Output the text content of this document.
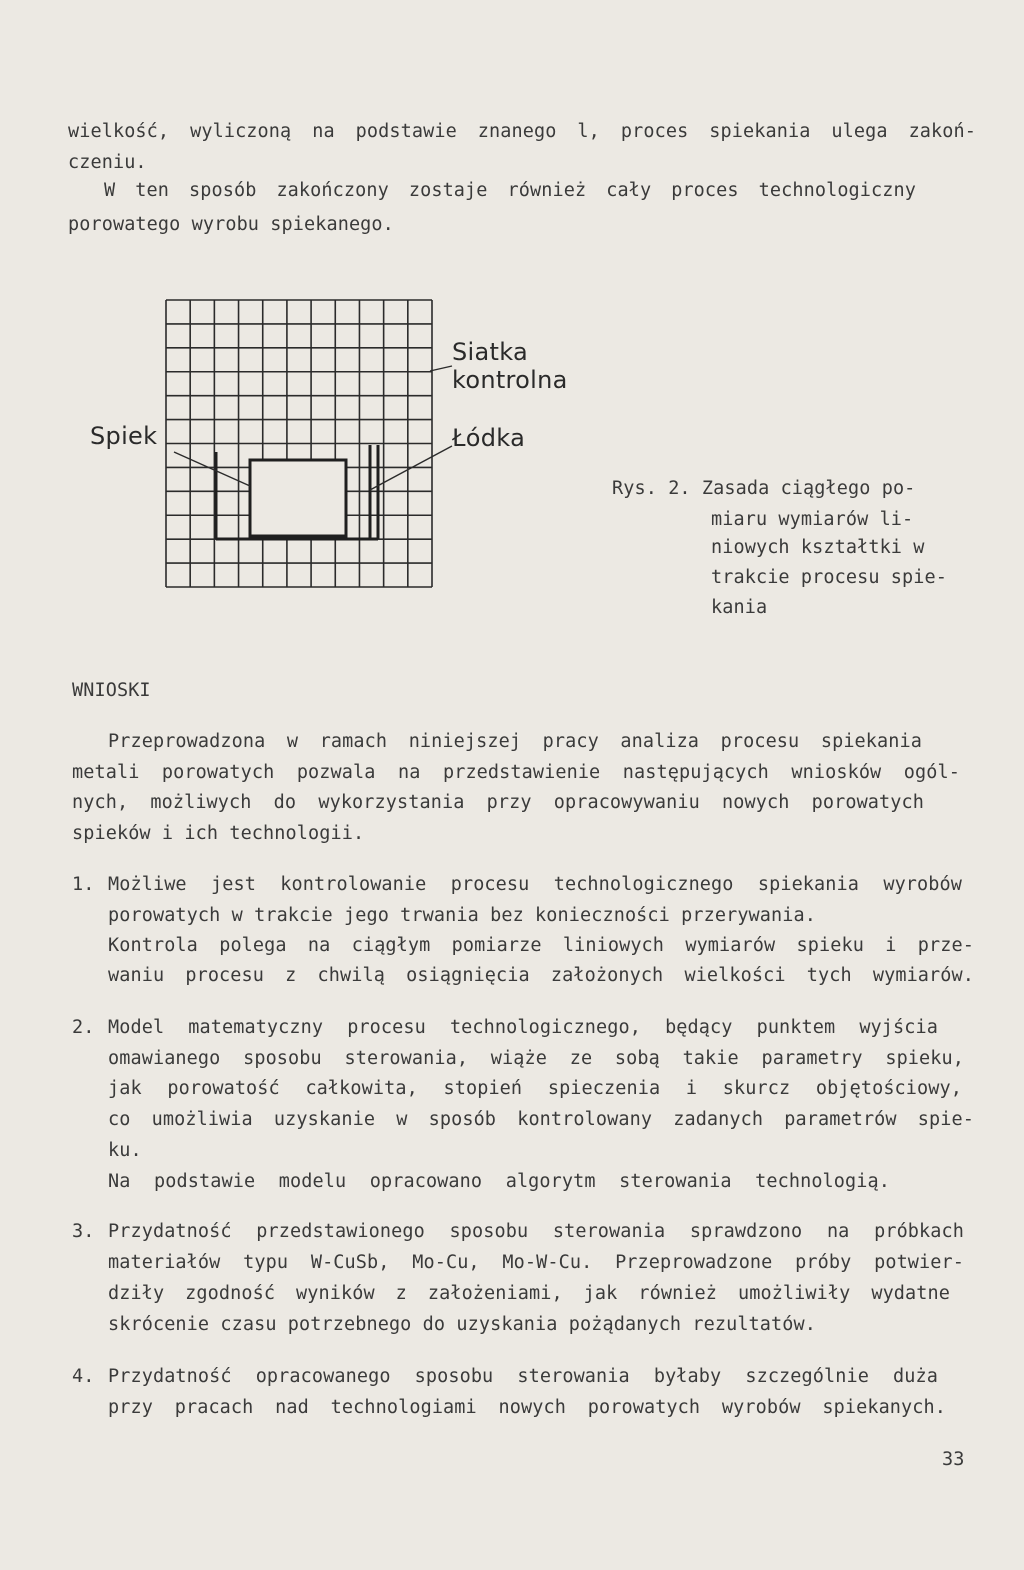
wielkość, wyliczoną na podstawie znanego l, proces spiekania ulega zakoń-
czeniu.
W ten sposób zakończony zostaje również cały proces technologiczny
porowatego wyrobu spiekanego.
Siatka
kontrolna
Łódka
Spiek
Rys. 2. Zasada ciągłego po-
miaru wymiarów li-
niowych kształtki w
trakcie procesu spie-
kania
WNIOSKI
Przeprowadzona w ramach niniejszej pracy analiza procesu spiekania
metali porowatych pozwala na przedstawienie następujących wniosków ogól-
nych, możliwych do wykorzystania przy opracowywaniu nowych porowatych
spieków i ich technologii.
1. Możliwe jest kontrolowanie procesu technologicznego spiekania wyrobów
porowatych w trakcie jego trwania bez konieczności przerywania.
Kontrola polega na ciągłym pomiarze liniowych wymiarów spieku i prze-
waniu procesu z chwilą osiągnięcia założonych wielkości tych wymiarów.
2. Model matematyczny procesu technologicznego, będący punktem wyjścia
omawianego sposobu sterowania, wiąże ze sobą takie parametry spieku,
jak porowatość całkowita, stopień spieczenia i skurcz objętościowy,
co umożliwia uzyskanie w sposób kontrolowany zadanych parametrów spie-
ku.
Na podstawie modelu opracowano algorytm sterowania technologią.
3. Przydatność przedstawionego sposobu sterowania sprawdzono na próbkach
materiałów typu W-CuSb, Mo-Cu, Mo-W-Cu. Przeprowadzone próby potwier-
dziły zgodność wyników z założeniami, jak również umożliwiły wydatne
skrócenie czasu potrzebnego do uzyskania pożądanych rezultatów.
4. Przydatność opracowanego sposobu sterowania byłaby szczególnie duża
przy pracach nad technologiami nowych porowatych wyrobów spiekanych.
33
